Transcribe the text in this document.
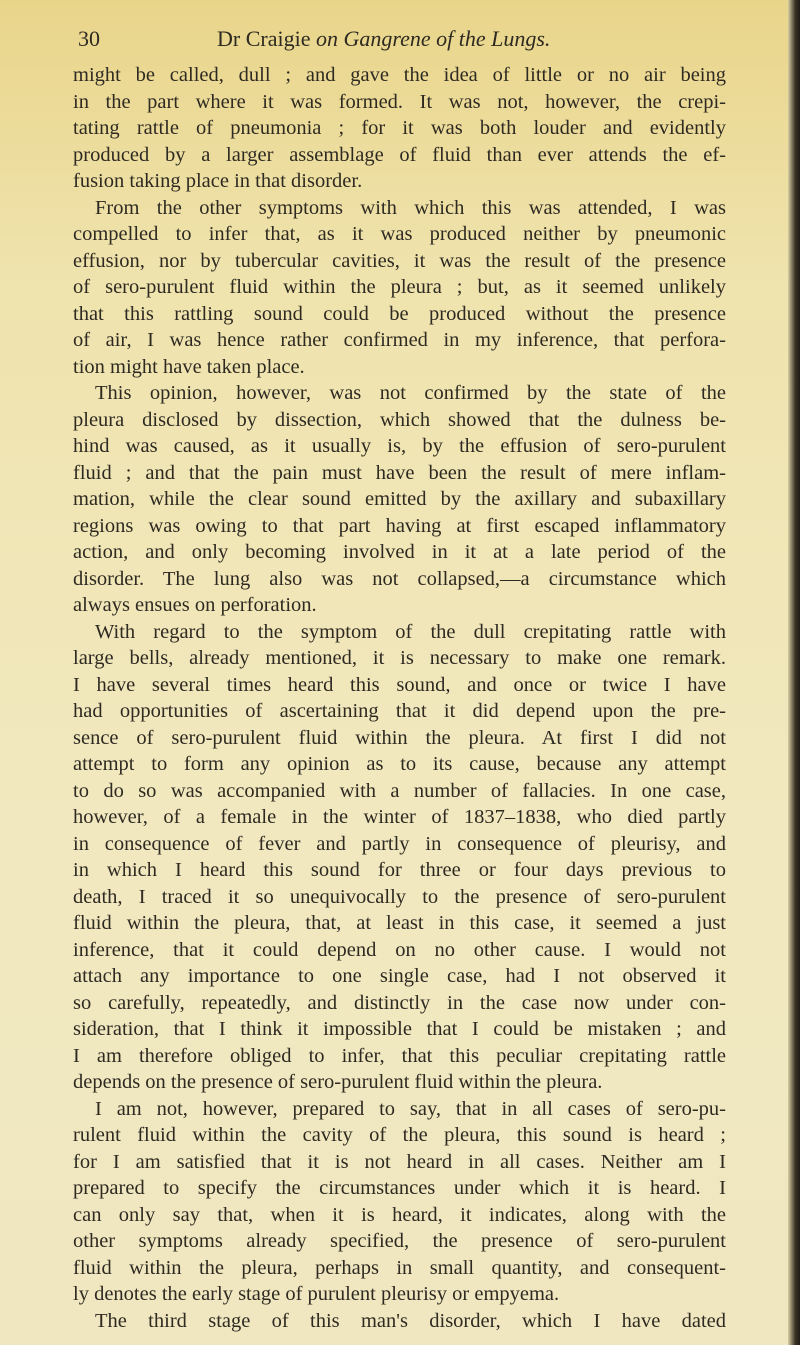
30	Dr Craigie on Gangrene of the Lungs.
might be called, dull ; and gave the idea of little or no air being
in the part where it was formed. It was not, however, the crepi-
tating rattle of pneumonia ; for it was both louder and evidently
produced by a larger assemblage of fluid than ever attends the ef-
fusion taking place in that disorder.
From the other symptoms with which this was attended, I was
compelled to infer that, as it was produced neither by pneumonic
effusion, nor by tubercular cavities, it was the result of the presence
of sero-purulent fluid within the pleura ; but, as it seemed unlikely
that this rattling sound could be produced without the presence
of air, I was hence rather confirmed in my inference, that perfora-
tion might have taken place.
This opinion, however, was not confirmed by the state of the
pleura disclosed by dissection, which showed that the dulness be-
hind was caused, as it usually is, by the effusion of sero-purulent
fluid ; and that the pain must have been the result of mere inflam-
mation, while the clear sound emitted by the axillary and subaxillary
regions was owing to that part having at first escaped inflammatory
action, and only becoming involved in it at a late period of the
disorder. The lung also was not collapsed,—a circumstance which
always ensues on perforation.
With regard to the symptom of the dull crepitating rattle with
large bells, already mentioned, it is necessary to make one remark.
I have several times heard this sound, and once or twice I have
had opportunities of ascertaining that it did depend upon the pre-
sence of sero-purulent fluid within the pleura. At first I did not
attempt to form any opinion as to its cause, because any attempt
to do so was accompanied with a number of fallacies. In one case,
however, of a female in the winter of 1837–1838, who died partly
in consequence of fever and partly in consequence of pleurisy, and
in which I heard this sound for three or four days previous to
death, I traced it so unequivocally to the presence of sero-purulent
fluid within the pleura, that, at least in this case, it seemed a just
inference, that it could depend on no other cause. I would not
attach any importance to one single case, had I not observed it
so carefully, repeatedly, and distinctly in the case now under con-
sideration, that I think it impossible that I could be mistaken ; and
I am therefore obliged to infer, that this peculiar crepitating rattle
depends on the presence of sero-purulent fluid within the pleura.
I am not, however, prepared to say, that in all cases of sero-pu-
rulent fluid within the cavity of the pleura, this sound is heard ;
for I am satisfied that it is not heard in all cases. Neither am I
prepared to specify the circumstances under which it is heard. I
can only say that, when it is heard, it indicates, along with the
other symptoms already specified, the presence of sero-purulent
fluid within the pleura, perhaps in small quantity, and consequent-
ly denotes the early stage of purulent pleurisy or empyema.
The third stage of this man's disorder, which I have dated
